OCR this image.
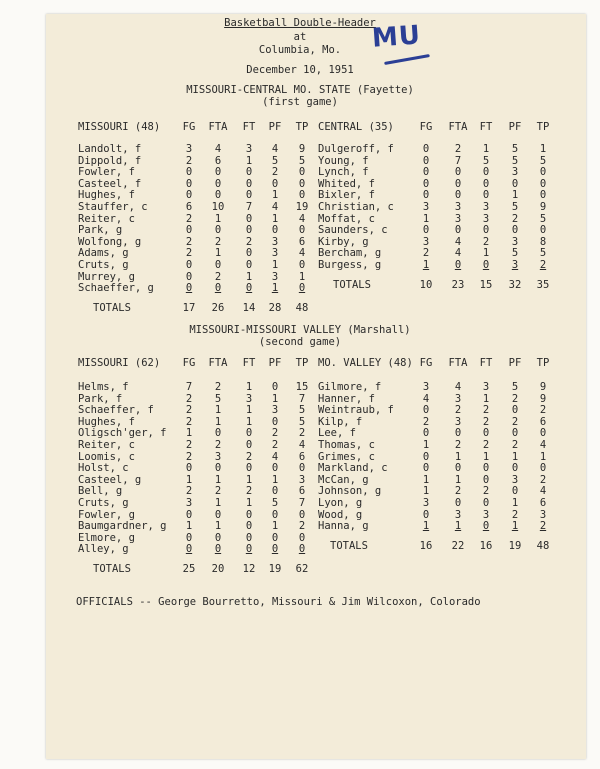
Basketball Double-Header
at
Columbia, Mo.
December 10, 1951
MU
MISSOURI-CENTRAL MO. STATE (Fayette)
(first game)
MISSOURI (48)	FG	FTA	FT	PF	TP
Landolt, f	3	4	3	4	9
Dippold, f	2	6	1	5	5
Fowler, f	0	0	0	2	0
Casteel, f	0	0	0	0	0
Hughes, f	0	0	0	1	0
Stauffer, c	6	10	7	4	19
Reiter, c	2	1	0	1	4
Park, g	0	0	0	0	0
Wolfong, g	2	2	2	3	6
Adams, g	2	1	0	3	4
Cruts, g	0	0	0	1	0
Murrey, g	0	2	1	3	1
Schaeffer, g	0	0	0	1	0
TOTALS	17 26 14 28 48
CENTRAL (35)	FG	FTA	FT	PF	TP
Dulgeroff, f	0	2	1	5	1
Young, f	0	7	5	5	5
Lynch, f	0	0	0	3	0
Whited, f	0	0	0	0	0
Bixler, f	0	0	0	1	0
Christian, c	3	3	3	5	9
Moffat, c	1	3	3	2	5
Saunders, c	0	0	0	0	0
Kirby, g	3	4	2	3	8
Bercham, g	2	4	1	5	5
Burgess, g	1	0	0	3	2
TOTALS	10 23 15 32 35
MISSOURI-MISSOURI VALLEY (Marshall)
(second game)
MISSOURI (62)	FG	FTA	FT	PF	TP
Helms, f	7	2	1	0	15
Park, f	2	5	3	1	7
Schaeffer, f	2	1	1	3	5
Hughes, f	2	1	1	0	5
Oligsch'ger, f	1	0	0	2	2
Reiter, c	2	2	0	2	4
Loomis, c	2	3	2	4	6
Holst, c	0	0	0	0	0
Casteel, g	1	1	1	1	3
Bell, g	2	2	2	0	6
Cruts, g	3	1	1	5	7
Fowler, g	0	0	0	0	0
Baumgardner, g	1	1	0	1	2
Elmore, g	0	0	0	0	0
Alley, g	0	0	0	0	0
TOTALS	25 20 12 19 62
MO. VALLEY (48) FG	FTA	FT	PF	TP
Gilmore, f	3	4	3	5	9
Hanner, f	4	3	1	2	9
Weintraub, f	0	2	2	0	2
Kilp, f	2	3	2	2	6
Lee, f	0	0	0	0	0
Thomas, c	1	2	2	2	4
Grimes, c	0	1	1	1	1
Markland, c	0	0	0	0	0
McCan, g	1	1	0	3	2
Johnson, g	1	2	2	0	4
Lyon, g	3	0	0	1	6
Wood, g	0	3	3	2	3
Hanna, g	1	1	0	1	2
TOTALS	16 22 16 19 48
OFFICIALS -- George Bourretto, Missouri & Jim Wilcoxon, Colorado
